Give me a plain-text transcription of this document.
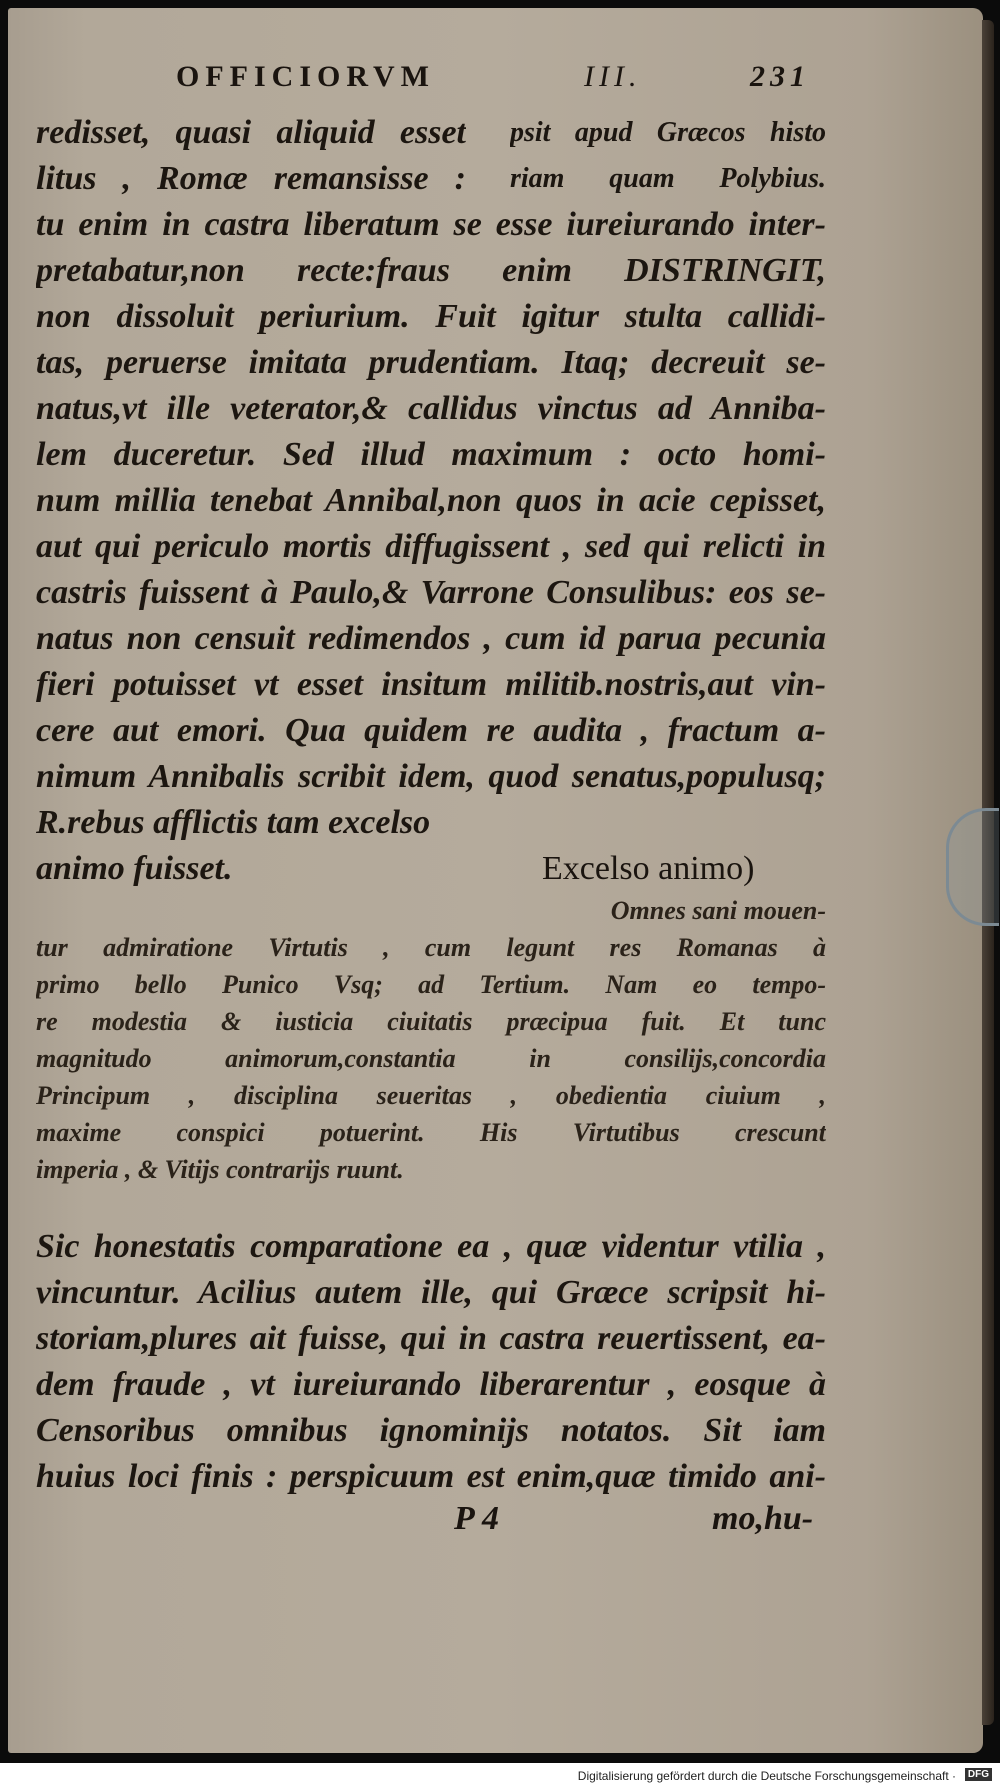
OFFICIORVM	III.	231
redisset, quasi aliquid esset
litus , Romæ remansisse :
psit apud Græcos histo
riam quam Polybius.
tu enim in castra liberatum se esse iureiurando inter-
pretabatur,non recte:fraus enim DISTRINGIT,
non dissoluit periurium. Fuit igitur stulta callidi-
tas, peruerse imitata prudentiam. Itaq; decreuit se-
natus,vt ille veterator,& callidus vinctus ad Anniba-
lem duceretur. Sed illud maximum : octo homi-
num millia tenebat Annibal,non quos in acie cepisset,
aut qui periculo mortis diffugissent , sed qui relicti in
castris fuissent à Paulo,& Varrone Consulibus: eos se-
natus non censuit redimendos , cum id parua pecunia
fieri potuisset vt esset insitum militib.nostris,aut vin-
cere aut emori. Qua quidem re audita , fractum a-
nimum Annibalis scribit idem, quod senatus,populusq;
R.rebus afflictis tam excelso
animo fuisset.	Excelso animo)
Omnes sani mouen-
tur admiratione Virtutis , cum legunt res Romanas à
primo bello Punico Vsq; ad Tertium. Nam eo tempo-
re modestia & iusticia ciuitatis præcipua fuit. Et tunc
magnitudo animorum,constantia in consilijs,concordia
Principum , disciplina seueritas , obedientia ciuium ,
maxime conspici potuerint. His Virtutibus crescunt
imperia , & Vitijs contrarijs ruunt.
Sic honestatis comparatione ea , quæ videntur vtilia ,
vincuntur. Acilius autem ille, qui Græce scripsit hi-
storiam,plures ait fuisse, qui in castra reuertissent, ea-
dem fraude , vt iureiurando liberarentur , eosque à
Censoribus omnibus ignominijs notatos. Sit iam
huius loci finis : perspicuum est enim,quæ timido ani-
P 4	mo,hu-
Digitalisierung gefördert durch die Deutsche Forschungsgemeinschaft ·	DFG
